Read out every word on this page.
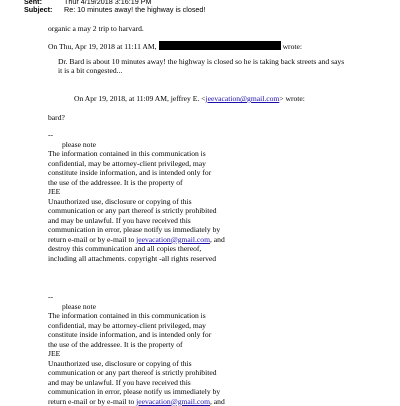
Sent:	Thur 4/19/2018 3:16:19 PM
Subject: Re: 10 minutes away! the highway is closed!
organic a may 2 trip to harvard.
On Thu, Apr 19, 2018 at 11:11 AM,	wrote:
Dr. Bard is about 10 minutes away! the highway is closed so he is taking back streets and says
it is a bit congested...
On Apr 19, 2018, at 11:09 AM, jeffrey E. <jeevacation@gmail.com> wrote:
bard?
--
please note
The information contained in this communication is
confidential, may be attorney-client privileged, may
constitute inside information, and is intended only for
the use of the addressee. It is the property of
JEE
Unauthorized use, disclosure or copying of this
communication or any part thereof is strictly prohibited
and may be unlawful. If you have received this
communication in error, please notify us immediately by
return e-mail or by e-mail to jeevacation@gmail.com, and
destroy this communication and all copies thereof,
including all attachments. copyright -all rights reserved
--
please note
The information contained in this communication is
confidential, may be attorney-client privileged, may
constitute inside information, and is intended only for
the use of the addressee. It is the property of
JEE
Unauthorized use, disclosure or copying of this
communication or any part thereof is strictly prohibited
and may be unlawful. If you have received this
communication in error, please notify us immediately by
return e-mail or by e-mail to jeevacation@gmail.com, and
